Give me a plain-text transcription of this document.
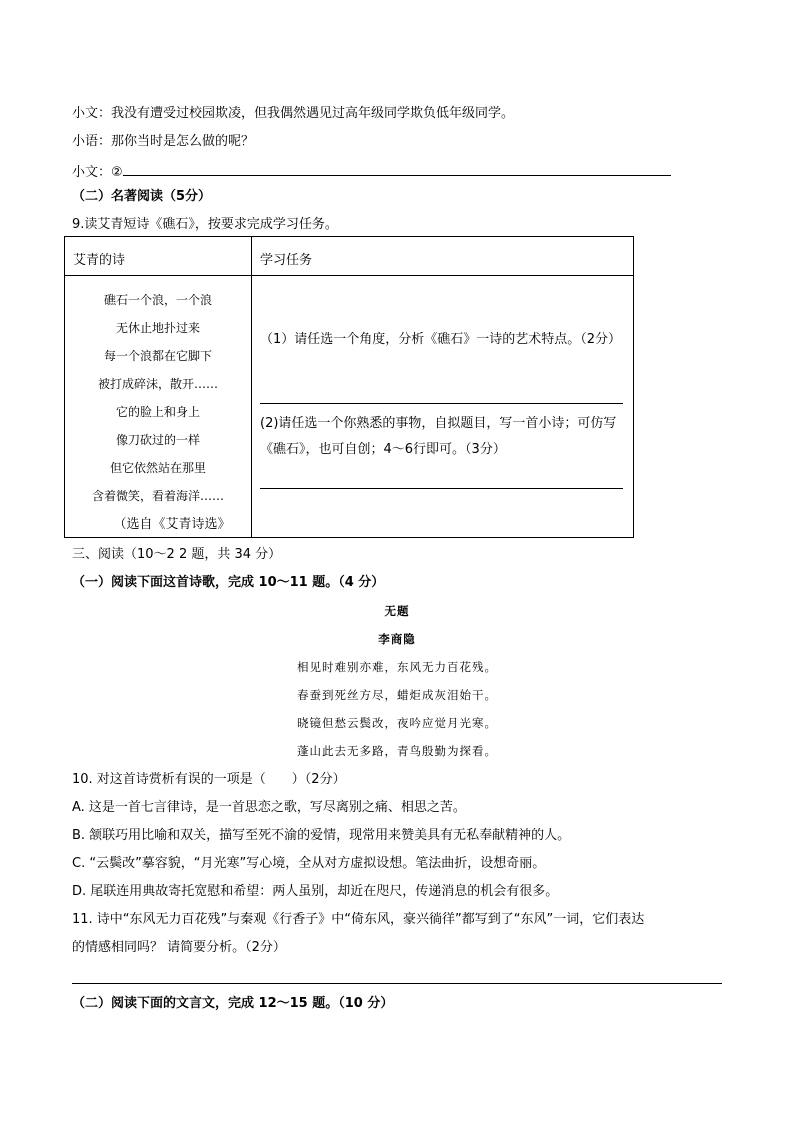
小文：我没有遭受过校园欺凌，但我偶然遇见过高年级同学欺负低年级同学。
小语：那你当时是怎么做的呢？
小文：②
（二）名著阅读（5分）
9.读艾青短诗《礁石》，按要求完成学习任务。
艾青的诗	学习任务
礁石一个浪，一个浪
无休止地扑过来
每一个浪都在它脚下
被打成碎沫，散开……
它的脸上和身上
像刀砍过的一样
但它依然站在那里
含着微笑，看着海洋……
（选自《艾青诗选》
（1）请任选一个角度，分析《礁石》一诗的艺术特点。（2分）
(2)请任选一个你熟悉的事物，自拟题目，写一首小诗；可仿写《礁石》，也可自创；4～6行即可。（3分）
三、阅读（10～2 2 题，共 34 分）
（一）阅读下面这首诗歌，完成 10～11 题。（4 分）
无题
李商隐
相见时难别亦难，东风无力百花残。
春蚕到死丝方尽，蜡炬成灰泪始干。
晓镜但愁云鬓改，夜吟应觉月光寒。
蓬山此去无多路，青鸟殷勤为探看。
10. 对这首诗赏析有误的一项是（　　）（2分）
A. 这是一首七言律诗，是一首思恋之歌，写尽离别之痛、相思之苦。
B. 颔联巧用比喻和双关，描写至死不渝的爱情，现常用来赞美具有无私奉献精神的人。
C. “云鬓改”摹容貌，“月光寒”写心境，全从对方虚拟设想。笔法曲折，设想奇丽。
D. 尾联连用典故寄托宽慰和希望：两人虽别，却近在咫尺，传递消息的机会有很多。
11. 诗中“东风无力百花残”与秦观《行香子》中“倚东风，豪兴徜徉”都写到了“东风”一词，它们表达
的情感相同吗？ 请简要分析。（2分）
（二）阅读下面的文言文，完成 12～15 题。（10 分）
